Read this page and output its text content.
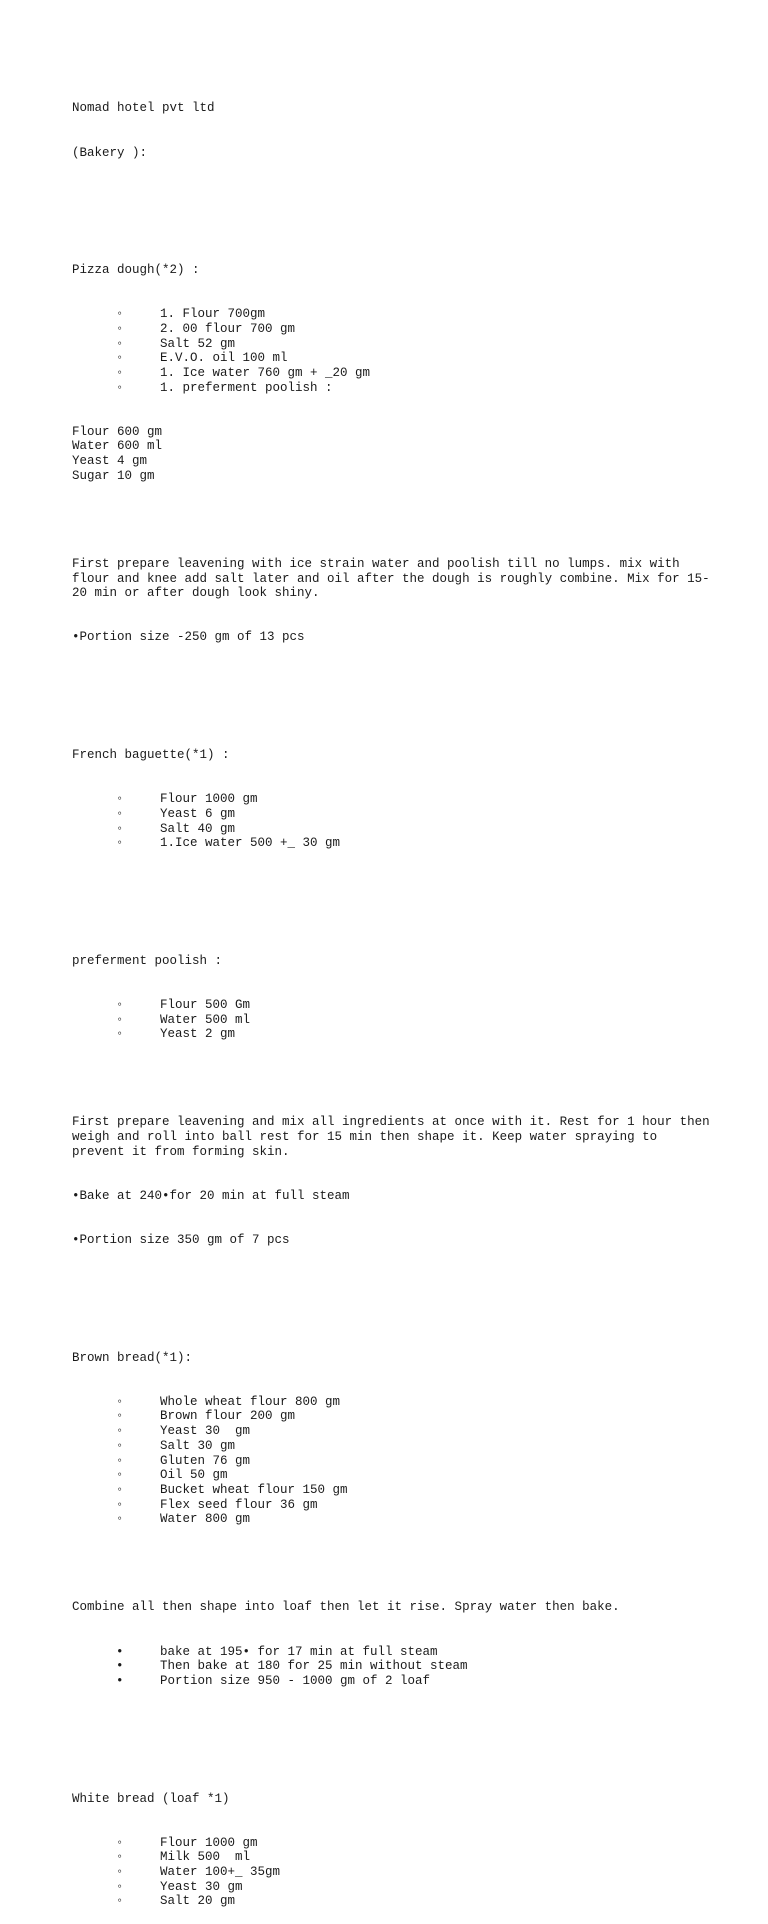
Nomad hotel pvt ltd

(Bakery ):

Pizza dough(*2) :

◦	1. Flour 700gm
◦	2. 00 flour 700 gm
◦	Salt 52 gm
◦	E.V.O. oil 100 ml
◦	1. Ice water 760 gm + _20 gm
◦	1. preferment poolish :

Flour 600 gm
Water 600 ml
Yeast 4 gm
Sugar 10 gm

First prepare leavening with ice strain water and poolish till no lumps. mix with flour and knee add salt later and oil after the dough is roughly combine. Mix for 15-20 min or after dough look shiny.

•Portion size -250 gm of 13 pcs

French baguette(*1) :

◦	Flour 1000 gm
◦	Yeast 6 gm
◦	Salt 40 gm
◦	1.Ice water 500 +_ 30 gm

preferment poolish :

◦	Flour 500 Gm
◦	Water 500 ml
◦	Yeast 2 gm

First prepare leavening and mix all ingredients at once with it. Rest for 1 hour then weigh and roll into ball rest for 15 min then shape it. Keep water spraying to prevent it from forming skin.

•Bake at 240•for 20 min at full steam

•Portion size 350 gm of 7 pcs

Brown bread(*1):

◦	Whole wheat flour 800 gm
◦	Brown flour 200 gm
◦	Yeast 30  gm
◦	Salt 30 gm
◦	Gluten 76 gm
◦	Oil 50 gm
◦	Bucket wheat flour 150 gm
◦	Flex seed flour 36 gm
◦	Water 800 gm

Combine all then shape into loaf then let it rise. Spray water then bake.

•	bake at 195• for 17 min at full steam
•	Then bake at 180 for 25 min without steam
•	Portion size 950 - 1000 gm of 2 loaf

White bread (loaf *1)

◦	Flour 1000 gm
◦	Milk 500  ml
◦	Water 100+_ 35gm
◦	Yeast 30 gm
◦	Salt 20 gm
